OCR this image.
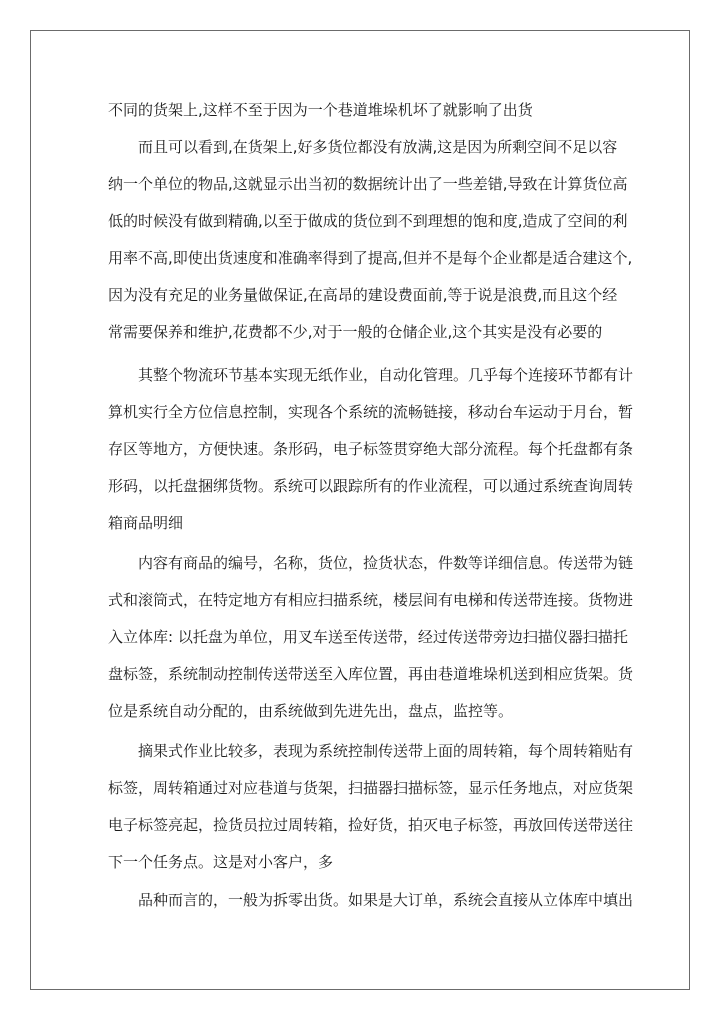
不同的货架上,这样不至于因为一个巷道堆垛机坏了就影响了出货
而且可以看到,在货架上,好多货位都没有放满,这是因为所剩空间不足以容
纳一个单位的物品,这就显示出当初的数据统计出了一些差错,导致在计算货位高
低的时候没有做到精确,以至于做成的货位到不到理想的饱和度,造成了空间的利
用率不高,即使出货速度和准确率得到了提高,但并不是每个企业都是适合建这个,
因为没有充足的业务量做保证,在高昂的建设费面前,等于说是浪费,而且这个经
常需要保养和维护,花费都不少,对于一般的仓储企业,这个其实是没有必要的
其整个物流环节基本实现无纸作业，自动化管理。几乎每个连接环节都有计
算机实行全方位信息控制，实现各个系统的流畅链接，移动台车运动于月台，暂
存区等地方，方便快速。条形码，电子标签贯穿绝大部分流程。每个托盘都有条
形码，以托盘捆绑货物。系统可以跟踪所有的作业流程，可以通过系统查询周转
箱商品明细
内容有商品的编号，名称，货位，捡货状态，件数等详细信息。传送带为链
式和滚筒式，在特定地方有相应扫描系统，楼层间有电梯和传送带连接。货物进
入立体库: 以托盘为单位，用叉车送至传送带，经过传送带旁边扫描仪器扫描托
盘标签，系统制动控制传送带送至入库位置，再由巷道堆垛机送到相应货架。货
位是系统自动分配的，由系统做到先进先出，盘点，监控等。
摘果式作业比较多，表现为系统控制传送带上面的周转箱，每个周转箱贴有
标签，周转箱通过对应巷道与货架，扫描器扫描标签，显示任务地点，对应货架
电子标签亮起，捡货员拉过周转箱，捡好货，拍灭电子标签，再放回传送带送往
下一个任务点。这是对小客户，多
品种而言的，一般为拆零出货。如果是大订单，系统会直接从立体库中填出
